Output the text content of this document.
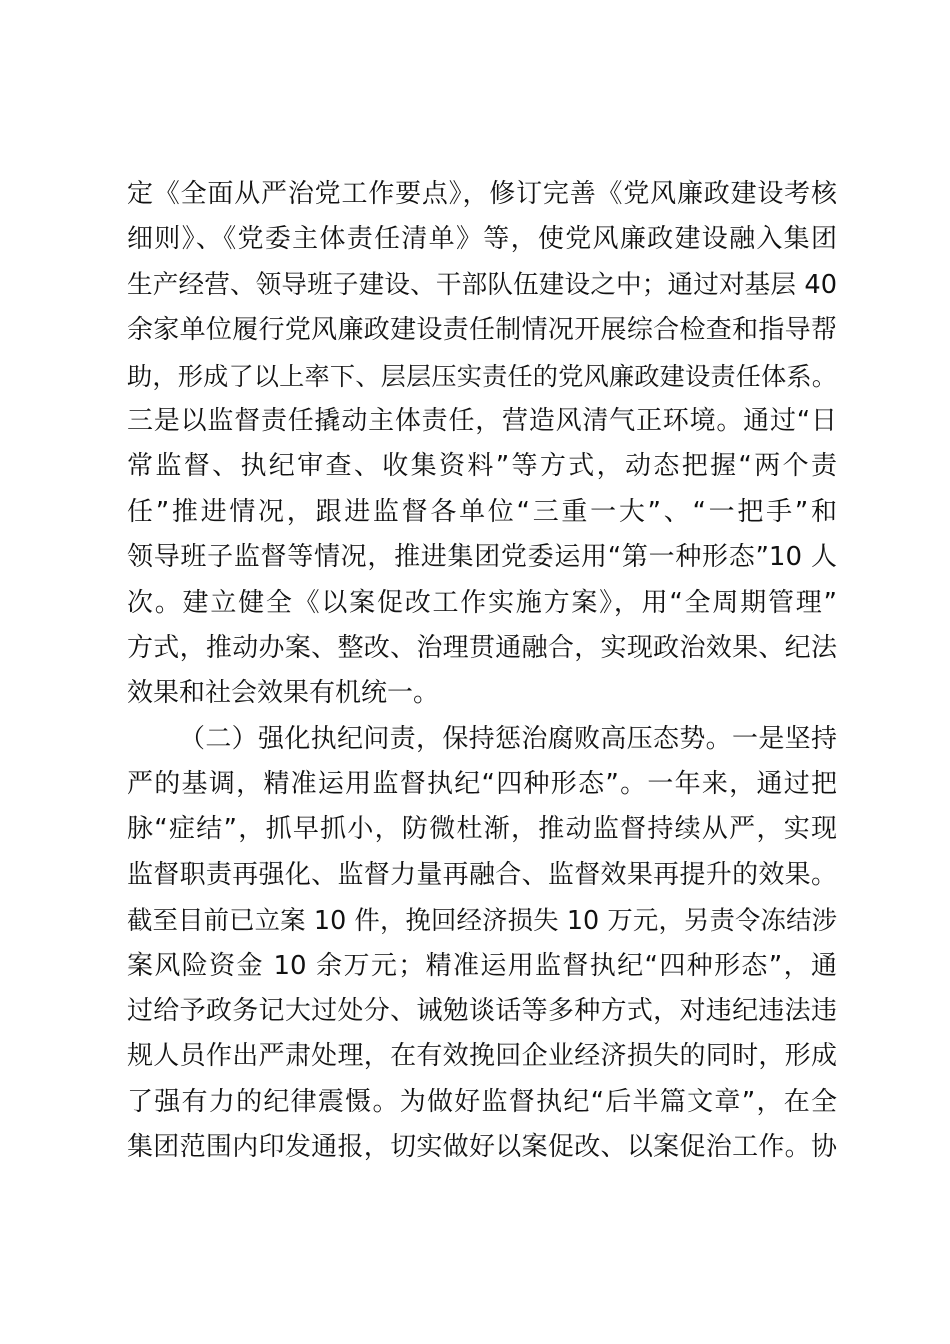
定《全面从严治党工作要点》，修订完善《党风廉政建设考核
细则》、《党委主体责任清单》等，使党风廉政建设融入集团
生产经营、领导班子建设、干部队伍建设之中；通过对基层 40
余家单位履行党风廉政建设责任制情况开展综合检查和指导帮
助，形成了以上率下、层层压实责任的党风廉政建设责任体系。
三是以监督责任撬动主体责任，营造风清气正环境。通过“日
常监督、执纪审查、收集资料”等方式，动态把握“两个责
任”推进情况，跟进监督各单位“三重一大”、“一把手”和
领导班子监督等情况，推进集团党委运用“第一种形态”10 人
次。建立健全《以案促改工作实施方案》，用“全周期管理”
方式，推动办案、整改、治理贯通融合，实现政治效果、纪法
效果和社会效果有机统一。
（二）强化执纪问责，保持惩治腐败高压态势。一是坚持
严的基调，精准运用监督执纪“四种形态”。一年来，通过把
脉“症结”，抓早抓小，防微杜渐，推动监督持续从严，实现
监督职责再强化、监督力量再融合、监督效果再提升的效果。
截至目前已立案 10 件，挽回经济损失 10 万元，另责令冻结涉
案风险资金 10 余万元；精准运用监督执纪“四种形态”，通
过给予政务记大过处分、诫勉谈话等多种方式，对违纪违法违
规人员作出严肃处理，在有效挽回企业经济损失的同时，形成
了强有力的纪律震慑。为做好监督执纪“后半篇文章”，在全
集团范围内印发通报，切实做好以案促改、以案促治工作。协
